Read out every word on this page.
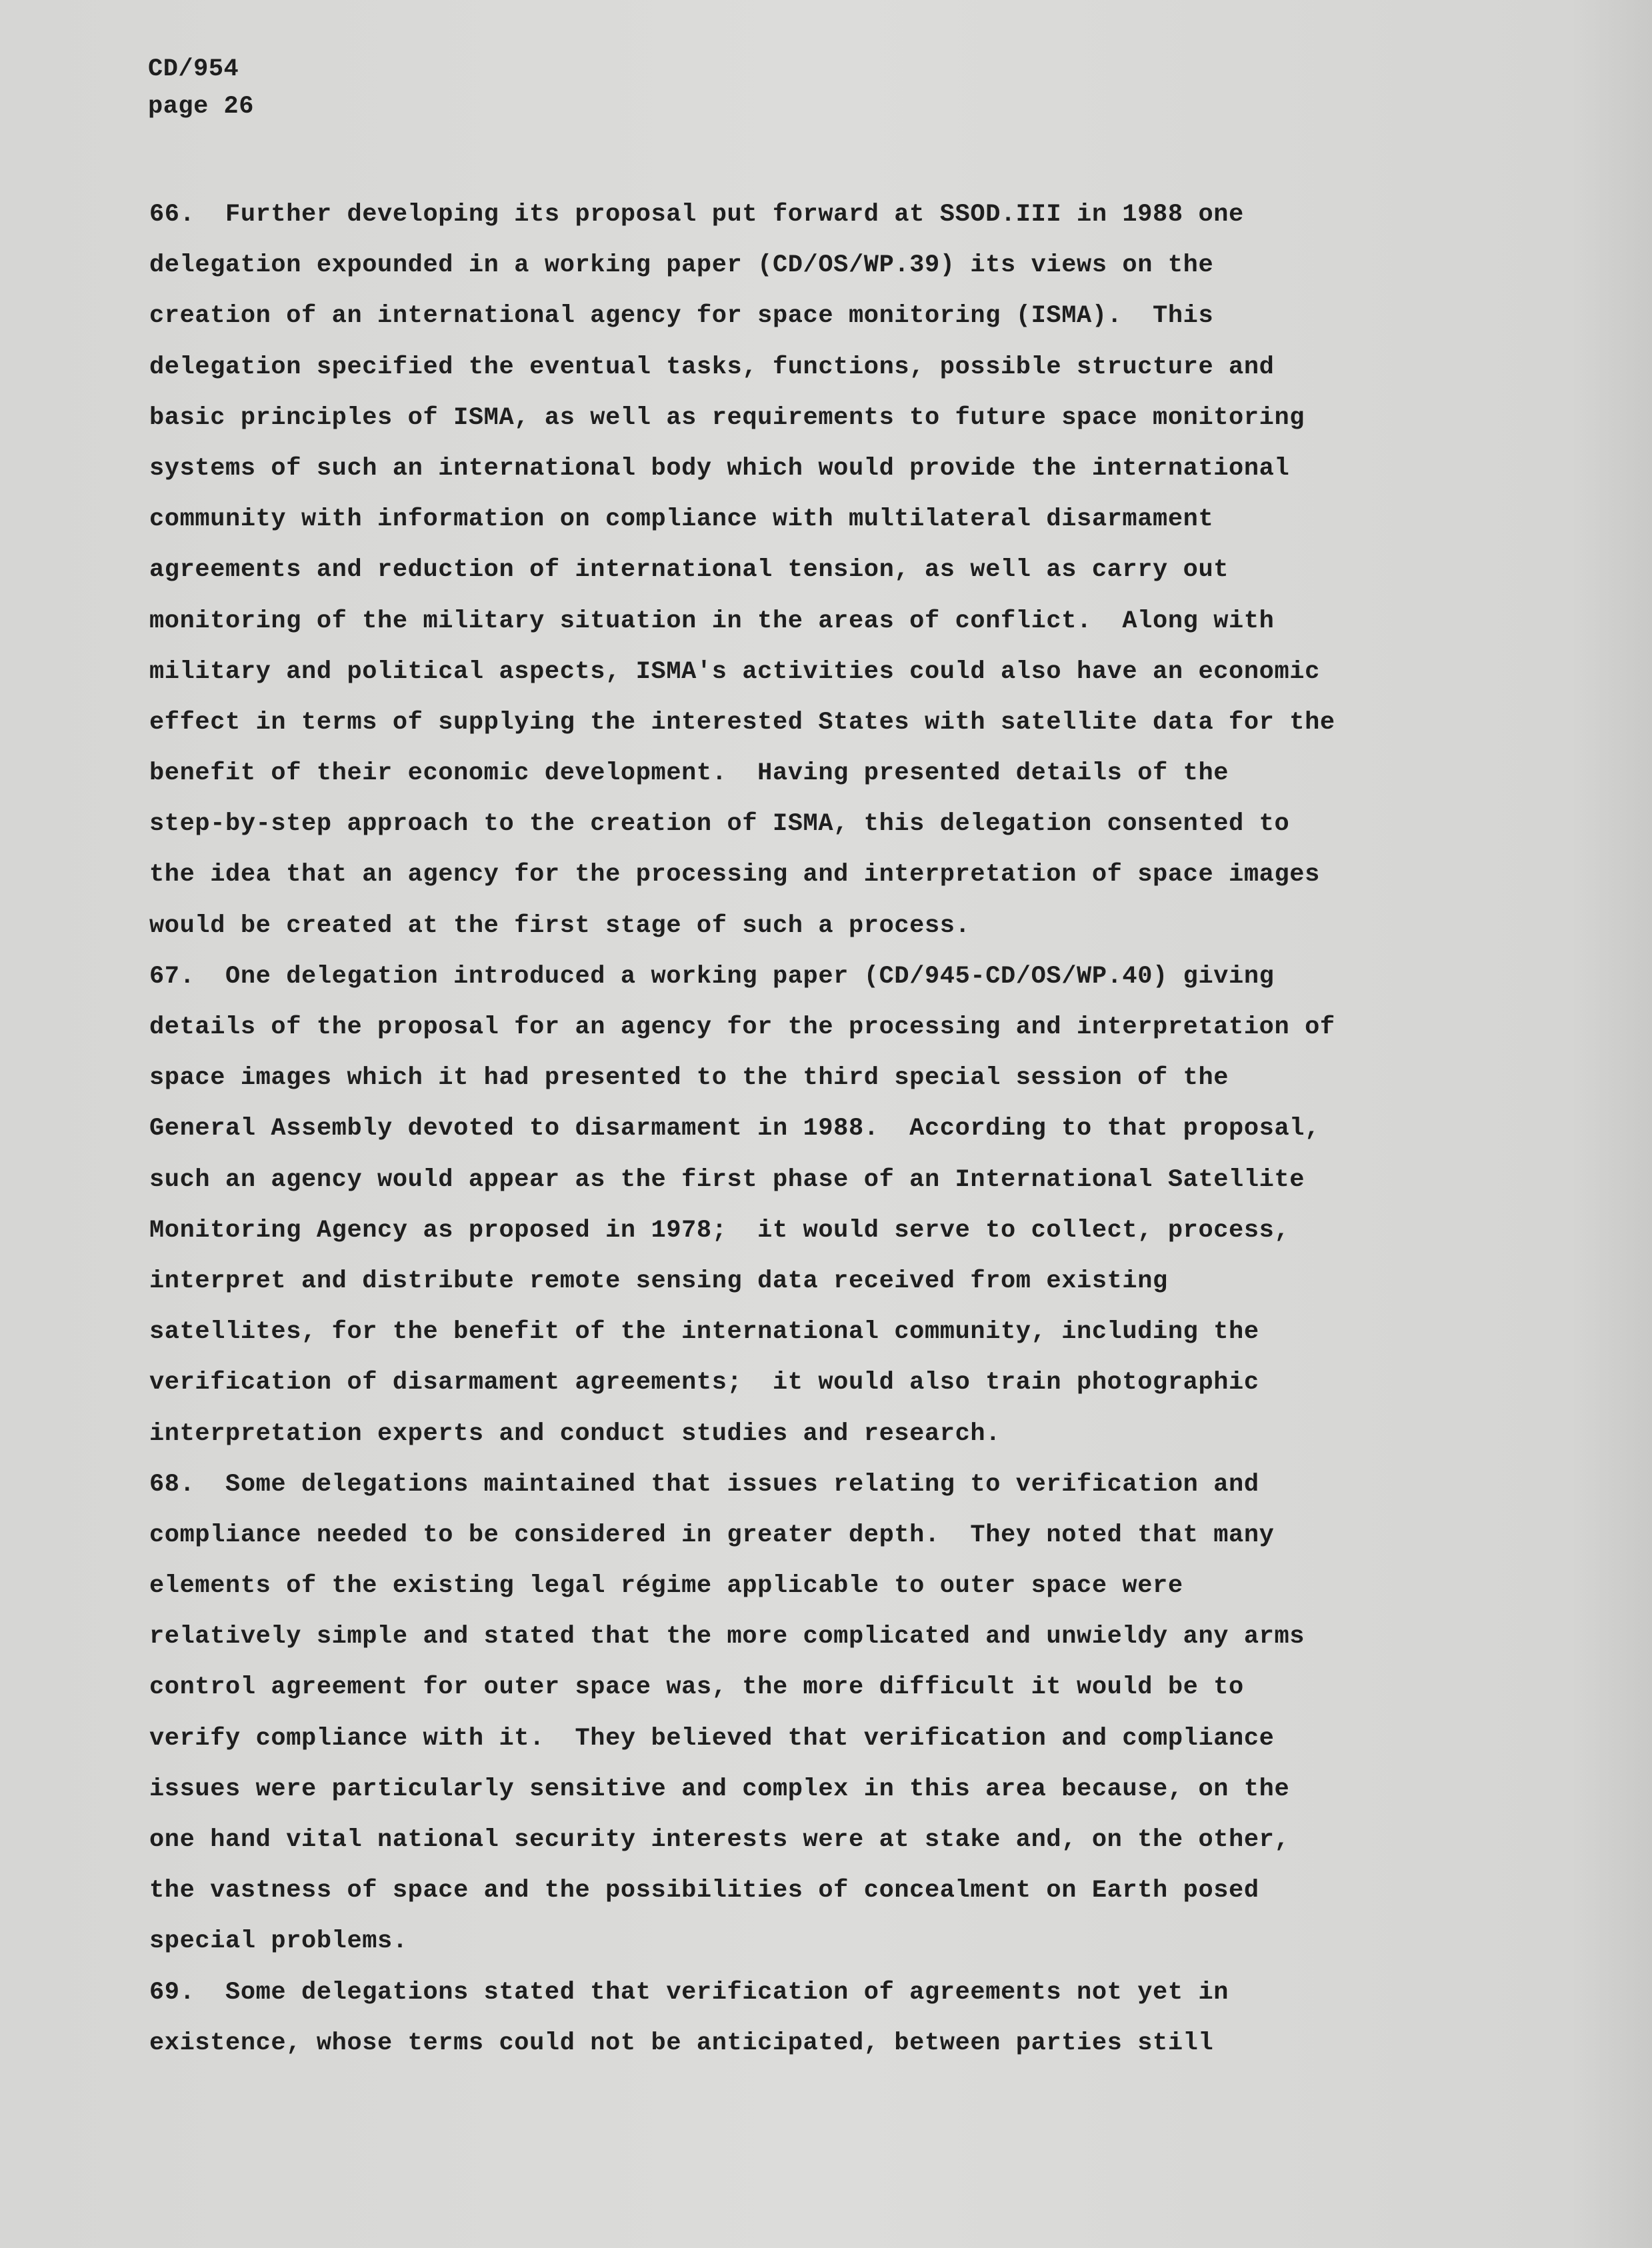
CD/954
page 26
66.  Further developing its proposal put forward at SSOD.III in 1988 one
delegation expounded in a working paper (CD/OS/WP.39) its views on the
creation of an international agency for space monitoring (ISMA).  This
delegation specified the eventual tasks, functions, possible structure and
basic principles of ISMA, as well as requirements to future space monitoring
systems of such an international body which would provide the international
community with information on compliance with multilateral disarmament
agreements and reduction of international tension, as well as carry out
monitoring of the military situation in the areas of conflict.  Along with
military and political aspects, ISMA's activities could also have an economic
effect in terms of supplying the interested States with satellite data for the
benefit of their economic development.  Having presented details of the
step-by-step approach to the creation of ISMA, this delegation consented to
the idea that an agency for the processing and interpretation of space images
would be created at the first stage of such a process.
67.  One delegation introduced a working paper (CD/945-CD/OS/WP.40) giving
details of the proposal for an agency for the processing and interpretation of
space images which it had presented to the third special session of the
General Assembly devoted to disarmament in 1988.  According to that proposal,
such an agency would appear as the first phase of an International Satellite
Monitoring Agency as proposed in 1978;  it would serve to collect, process,
interpret and distribute remote sensing data received from existing
satellites, for the benefit of the international community, including the
verification of disarmament agreements;  it would also train photographic
interpretation experts and conduct studies and research.
68.  Some delegations maintained that issues relating to verification and
compliance needed to be considered in greater depth.  They noted that many
elements of the existing legal régime applicable to outer space were
relatively simple and stated that the more complicated and unwieldy any arms
control agreement for outer space was, the more difficult it would be to
verify compliance with it.  They believed that verification and compliance
issues were particularly sensitive and complex in this area because, on the
one hand vital national security interests were at stake and, on the other,
the vastness of space and the possibilities of concealment on Earth posed
special problems.
69.  Some delegations stated that verification of agreements not yet in
existence, whose terms could not be anticipated, between parties still
